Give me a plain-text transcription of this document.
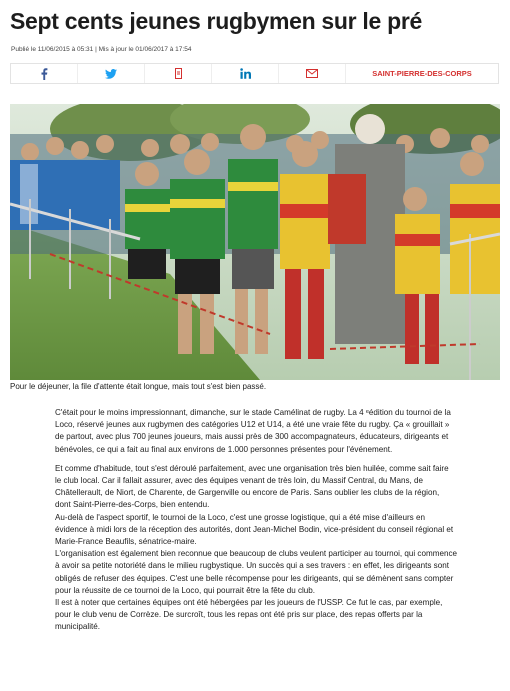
Sept cents jeunes rugbymen sur le pré
Publié le 11/06/2015 à 05:31 | Mis à jour le 01/06/2017 à 17:54
SAINT-PIERRE-DES-CORPS
Pour le déjeuner, la file d'attente était longue, mais tout s'est bien passé.

C'était pour le moins impressionnant, dimanche, sur le stade Camélinat de rugby. La 4 ᵉédition du tournoi de la Loco, réservé jeunes aux rugbymen des catégories U12 et U14, a été une vraie fête du rugby. Ça « grouillait » de partout, avec plus 700 jeunes joueurs, mais aussi près de 300 accompagnateurs, éducateurs, dirigeants et bénévoles, ce qui a fait au final aux environs de 1.000 personnes présentes pour l'événement.

Et comme d'habitude, tout s'est déroulé parfaitement, avec une organisation très bien huilée, comme sait faire le club local. Car il fallait assurer, avec des équipes venant de très loin, du Massif Central, du Mans, de Châtellerault, de Niort, de Charente, de Gargenville ou encore de Paris. Sans oublier les clubs de la région, dont Saint-Pierre-des-Corps, bien entendu.

Au-delà de l'aspect sportif, le tournoi de la Loco, c'est une grosse logistique, qui a été mise d'ailleurs en évidence à midi lors de la réception des autorités, dont Jean-Michel Bodin, vice-président du conseil régional et Marie-France Beaufils, sénatrice-maire.

L'organisation est également bien reconnue que beaucoup de clubs veulent participer au tournoi, qui commence à avoir sa petite notoriété dans le milieu rugbystique. Un succès qui a ses travers : en effet, les dirigeants sont obligés de refuser des équipes. C'est une belle récompense pour les dirigeants, qui se démènent sans compter pour la réussite de ce tournoi de la Loco, qui pourrait être la fête du club.

Il est à noter que certaines équipes ont été hébergées par les joueurs de l'USSP. Ce fut le cas, par exemple, pour le club venu de Corrèze. De surcroît, tous les repas ont été pris sur place, des repas offerts par la municipalité.
